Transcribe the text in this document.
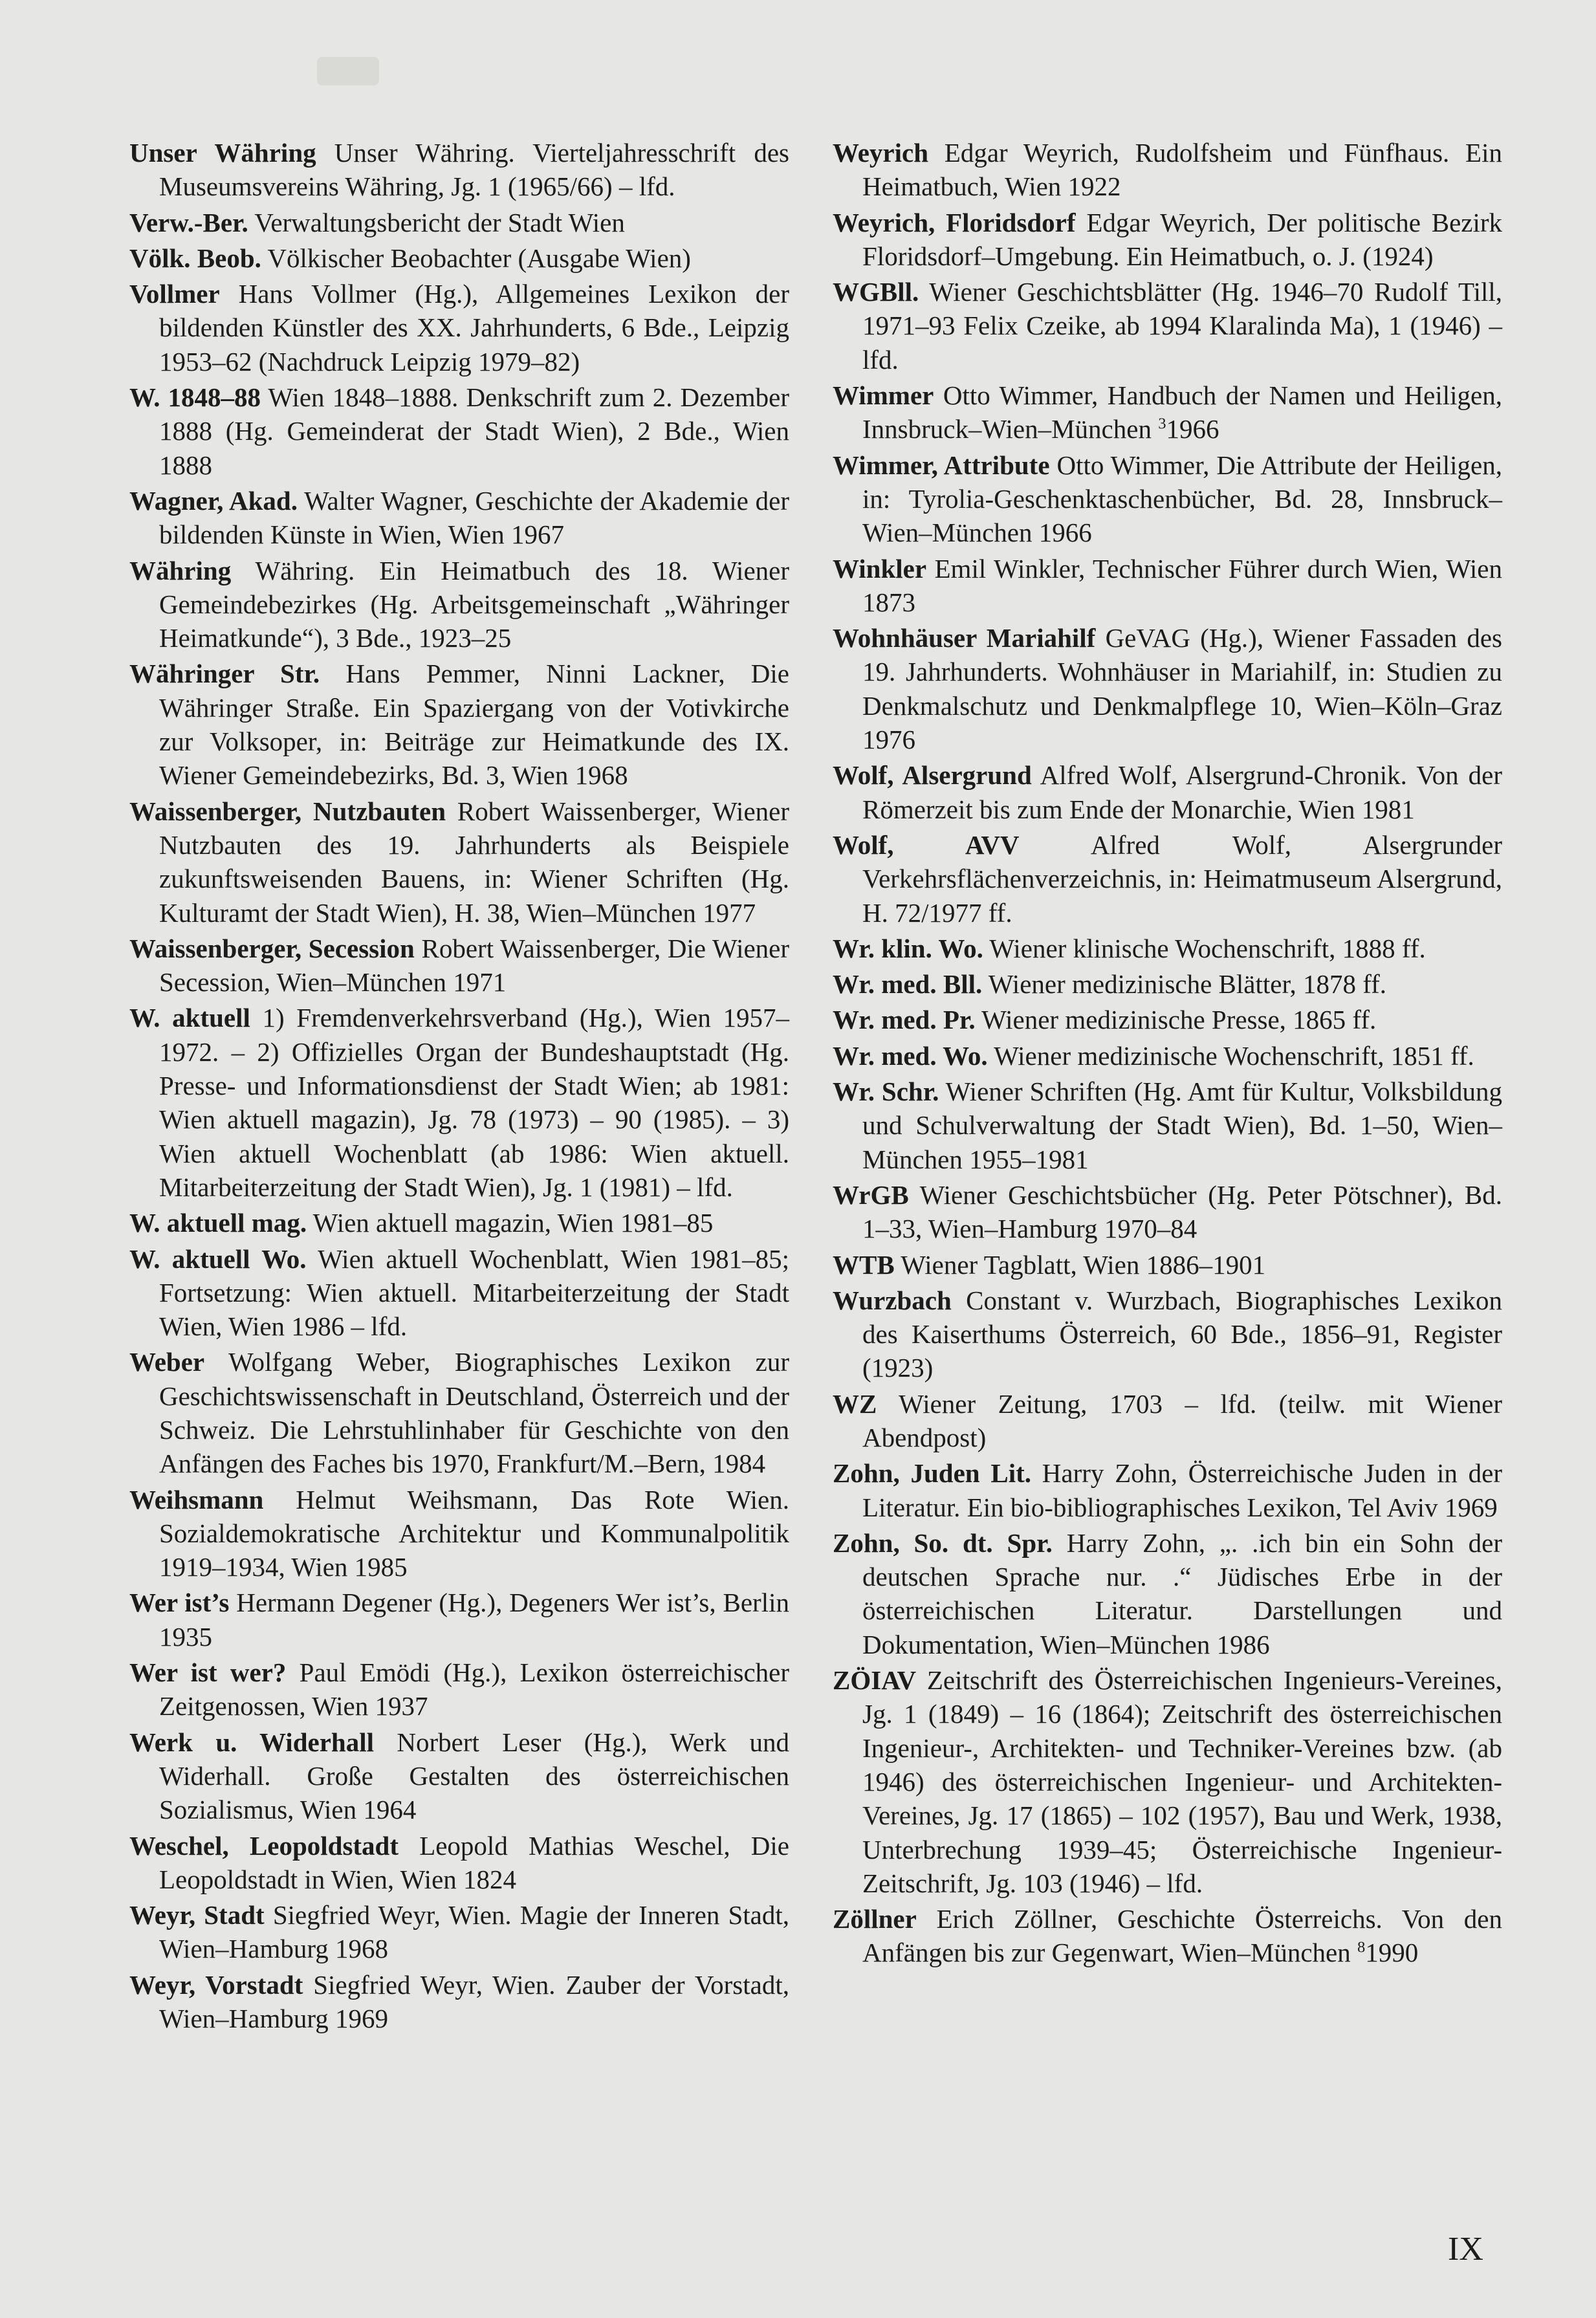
Unser Währing Unser Währing. Vierteljahresschrift des Museumsvereins Währing, Jg. 1 (1965/66) – lfd.
Verw.-Ber. Verwaltungsbericht der Stadt Wien
Völk. Beob. Völkischer Beobachter (Ausgabe Wien)
Vollmer Hans Vollmer (Hg.), Allgemeines Lexikon der bildenden Künstler des XX. Jahrhunderts, 6 Bde., Leipzig 1953–62 (Nachdruck Leipzig 1979–82)
W. 1848–88 Wien 1848–1888. Denkschrift zum 2. Dezember 1888 (Hg. Gemeinderat der Stadt Wien), 2 Bde., Wien 1888
Wagner, Akad. Walter Wagner, Geschichte der Akademie der bildenden Künste in Wien, Wien 1967
Währing Währing. Ein Heimatbuch des 18. Wiener Gemeindebezirkes (Hg. Arbeitsgemeinschaft „Währinger Heimatkunde“), 3 Bde., 1923–25
Währinger Str. Hans Pemmer, Ninni Lackner, Die Währinger Straße. Ein Spaziergang von der Votivkirche zur Volksoper, in: Beiträge zur Heimatkunde des IX. Wiener Gemeindebezirks, Bd. 3, Wien 1968
Waissenberger, Nutzbauten Robert Waissenberger, Wiener Nutzbauten des 19. Jahrhunderts als Beispiele zukunftsweisenden Bauens, in: Wiener Schriften (Hg. Kulturamt der Stadt Wien), H. 38, Wien–München 1977
Waissenberger, Secession Robert Waissenberger, Die Wiener Secession, Wien–München 1971
W. aktuell 1) Fremdenverkehrsverband (Hg.), Wien 1957–1972. – 2) Offizielles Organ der Bundeshauptstadt (Hg. Presse- und Informationsdienst der Stadt Wien; ab 1981: Wien aktuell magazin), Jg. 78 (1973) – 90 (1985). – 3) Wien aktuell Wochenblatt (ab 1986: Wien aktuell. Mitarbeiterzeitung der Stadt Wien), Jg. 1 (1981) – lfd.
W. aktuell mag. Wien aktuell magazin, Wien 1981–85
W. aktuell Wo. Wien aktuell Wochenblatt, Wien 1981–85; Fortsetzung: Wien aktuell. Mitarbeiterzeitung der Stadt Wien, Wien 1986 – lfd.
Weber Wolfgang Weber, Biographisches Lexikon zur Geschichtswissenschaft in Deutschland, Österreich und der Schweiz. Die Lehrstuhlinhaber für Geschichte von den Anfängen des Faches bis 1970, Frankfurt/M.–Bern, 1984
Weihsmann Helmut Weihsmann, Das Rote Wien. Sozialdemokratische Architektur und Kommunalpolitik 1919–1934, Wien 1985
Wer ist’s Hermann Degener (Hg.), Degeners Wer ist’s, Berlin 1935
Wer ist wer? Paul Emödi (Hg.), Lexikon österreichischer Zeitgenossen, Wien 1937
Werk u. Widerhall Norbert Leser (Hg.), Werk und Widerhall. Große Gestalten des österreichischen Sozialismus, Wien 1964
Weschel, Leopoldstadt Leopold Mathias Weschel, Die Leopoldstadt in Wien, Wien 1824
Weyr, Stadt Siegfried Weyr, Wien. Magie der Inneren Stadt, Wien–Hamburg 1968
Weyr, Vorstadt Siegfried Weyr, Wien. Zauber der Vorstadt, Wien–Hamburg 1969
Weyrich Edgar Weyrich, Rudolfsheim und Fünfhaus. Ein Heimatbuch, Wien 1922
Weyrich, Floridsdorf Edgar Weyrich, Der politische Bezirk Floridsdorf–Umgebung. Ein Heimatbuch, o. J. (1924)
WGBll. Wiener Geschichtsblätter (Hg. 1946–70 Rudolf Till, 1971–93 Felix Czeike, ab 1994 Klaralinda Ma), 1 (1946) – lfd.
Wimmer Otto Wimmer, Handbuch der Namen und Heiligen, Innsbruck–Wien–München $^3$1966
Wimmer, Attribute Otto Wimmer, Die Attribute der Heiligen, in: Tyrolia-Geschenktaschenbücher, Bd. 28, Innsbruck–Wien–München 1966
Winkler Emil Winkler, Technischer Führer durch Wien, Wien 1873
Wohnhäuser Mariahilf GeVAG (Hg.), Wiener Fassaden des 19. Jahrhunderts. Wohnhäuser in Mariahilf, in: Studien zu Denkmalschutz und Denkmalpflege 10, Wien–Köln–Graz 1976
Wolf, Alsergrund Alfred Wolf, Alsergrund-Chronik. Von der Römerzeit bis zum Ende der Monarchie, Wien 1981
Wolf, AVV	Alfred Wolf, Alsergrunder Verkehrsflächenverzeichnis, in: Heimatmuseum Alsergrund, H. 72/1977 ff.
Wr. klin. Wo. Wiener klinische Wochenschrift, 1888 ff.
Wr. med. Bll. Wiener medizinische Blätter, 1878 ff.
Wr. med. Pr. Wiener medizinische Presse, 1865 ff.
Wr. med. Wo. Wiener medizinische Wochenschrift, 1851 ff.
Wr. Schr. Wiener Schriften (Hg. Amt für Kultur, Volksbildung und Schulverwaltung der Stadt Wien), Bd. 1–50, Wien–München 1955–1981
WrGB Wiener Geschichtsbücher (Hg. Peter Pötschner), Bd. 1–33, Wien–Hamburg 1970–84
WTB Wiener Tagblatt, Wien 1886–1901
Wurzbach Constant v. Wurzbach, Biographisches Lexikon des Kaiserthums Österreich, 60 Bde., 1856–91, Register (1923)
WZ Wiener Zeitung, 1703 – lfd. (teilw. mit Wiener Abendpost)
Zohn, Juden Lit. Harry Zohn, Österreichische Juden in der Literatur. Ein bio-bibliographisches Lexikon, Tel Aviv 1969
Zohn, So. dt. Spr. Harry Zohn, „. .ich bin ein Sohn der deutschen Sprache nur. .“ Jüdisches Erbe in der österreichischen Literatur. Darstellungen und Dokumentation, Wien–München 1986
ZÖIAV Zeitschrift des Österreichischen Ingenieurs-Vereines, Jg. 1 (1849) – 16 (1864); Zeitschrift des österreichischen Ingenieur-, Architekten- und Techniker-Vereines bzw. (ab 1946) des österreichischen Ingenieur- und Architekten-Vereines, Jg. 17 (1865) – 102 (1957), Bau und Werk, 1938, Unterbrechung 1939–45; Österreichische Ingenieur-Zeitschrift, Jg. 103 (1946) – lfd.
Zöllner Erich Zöllner, Geschichte Österreichs. Von den Anfängen bis zur Gegenwart, Wien–München $^8$1990
IX
